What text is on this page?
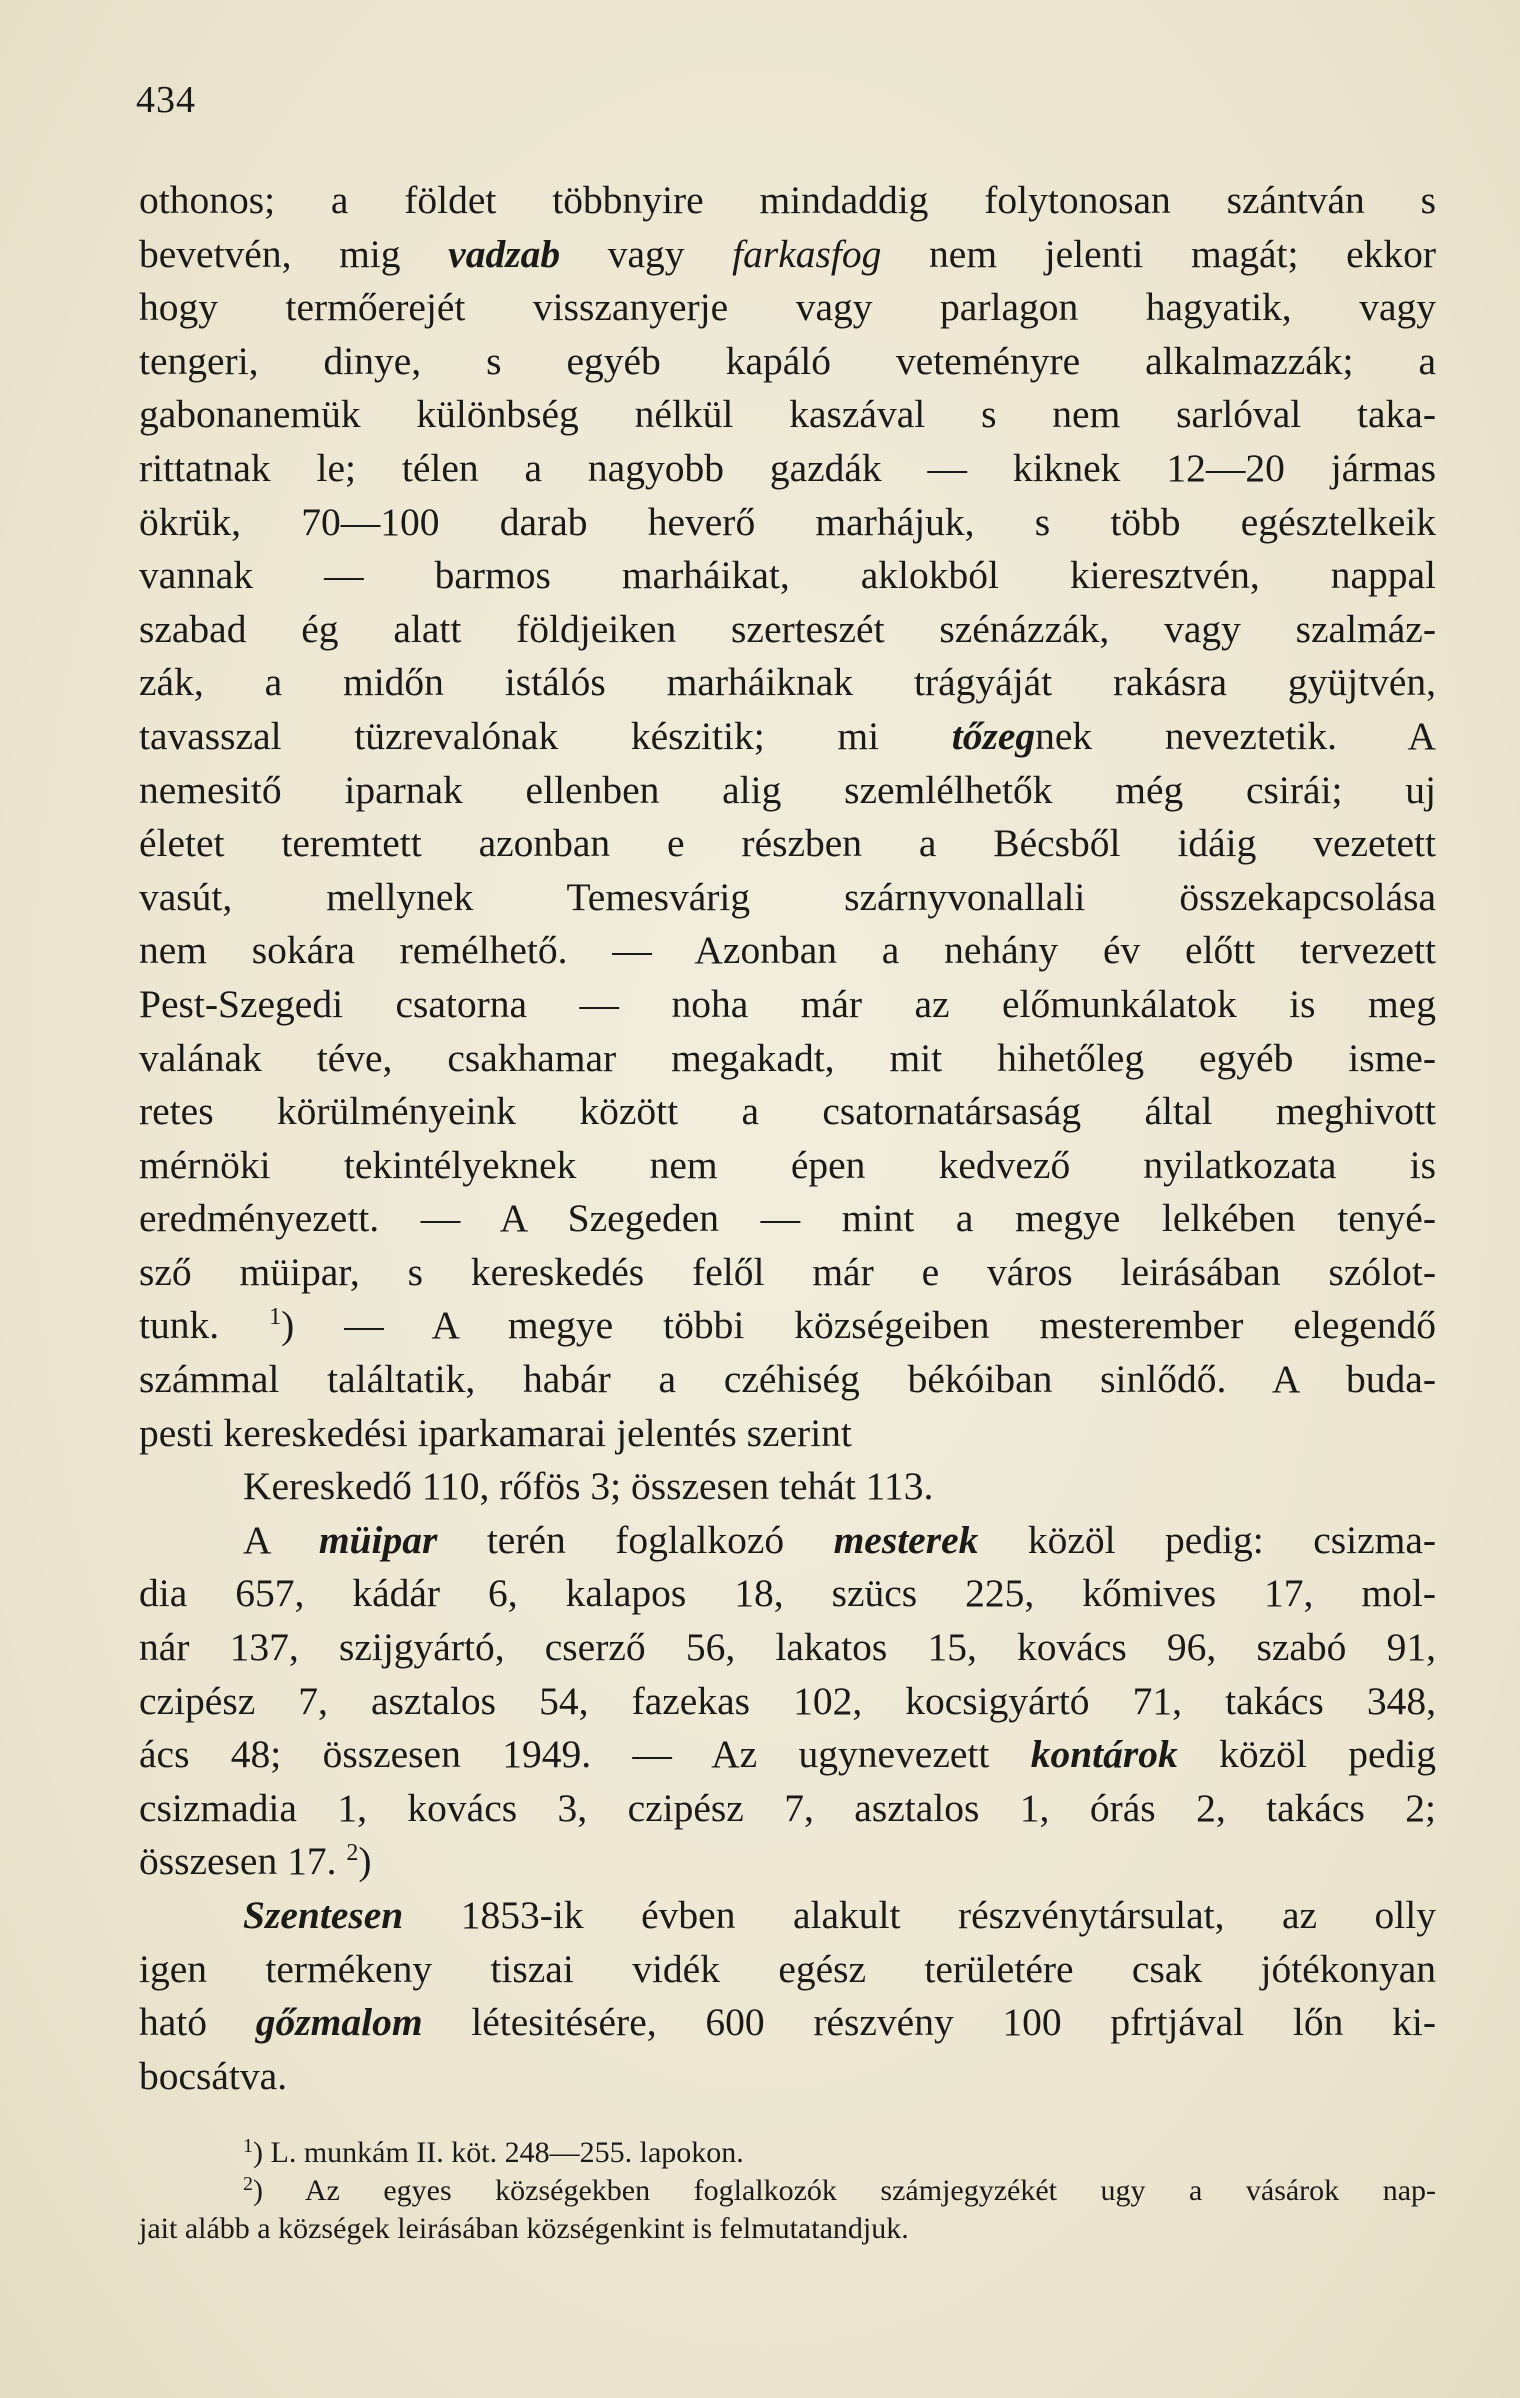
434
othonos; a földet többnyire mindaddig folytonosan szántván s
bevetvén, mig vadzab vagy farkasfog nem jelenti magát; ekkor
hogy termőerejét visszanyerje vagy parlagon hagyatik, vagy
tengeri, dinye, s egyéb kapáló veteményre alkalmazzák; a
gabonanemük különbség nélkül kaszával s nem sarlóval taka-
rittatnak le; télen a nagyobb gazdák — kiknek 12—20 jármas
ökrük, 70—100 darab heverő marhájuk, s több egésztelkeik
vannak — barmos marháikat, aklokból kieresztvén, nappal
szabad ég alatt földjeiken szerteszét szénázzák, vagy szalmáz-
zák, a midőn istálós marháiknak trágyáját rakásra gyüjtvén,
tavasszal tüzrevalónak készitik; mi tőzegnek neveztetik. A
nemesitő iparnak ellenben alig szemlélhetők még csirái; uj
életet teremtett azonban e részben a Bécsből idáig vezetett
vasút, mellynek Temesvárig szárnyvonallali összekapcsolása
nem sokára remélhető. — Azonban a nehány év előtt tervezett
Pest-Szegedi csatorna — noha már az előmunkálatok is meg
valának téve, csakhamar megakadt, mit hihetőleg egyéb isme-
retes körülményeink között a csatornatársaság által meghivott
mérnöki tekintélyeknek nem épen kedvező nyilatkozata is
eredményezett. — A Szegeden — mint a megye lelkében tenyé-
sző müipar, s kereskedés felől már e város leirásában szólot-
tunk. $^1$) — A megye többi községeiben mesterember elegendő
számmal találtatik, habár a czéhiség békóiban sinlődő. A buda-
pesti kereskedési iparkamarai jelentés szerint
Kereskedő 110, rőfös 3; összesen tehát 113.
A müipar terén foglalkozó mesterek közöl pedig: csizma-
dia 657, kádár 6, kalapos 18, szücs 225, kőmives 17, mol-
nár 137, szijgyártó, cserző 56, lakatos 15, kovács 96, szabó 91,
czipész 7, asztalos 54, fazekas 102, kocsigyártó 71, takács 348,
ács 48; összesen 1949. — Az ugynevezett kontárok közöl pedig
csizmadia 1, kovács 3, czipész 7, asztalos 1, órás 2, takács 2;
összesen 17. $^2$)
Szentesen 1853-ik évben alakult részvénytársulat, az olly
igen termékeny tiszai vidék egész területére csak jótékonyan
ható gőzmalom létesitésére, 600 részvény 100 pfrtjával lőn ki-
bocsátva.
$^1$) L. munkám II. köt. 248—255. lapokon.
$^2$) Az egyes községekben foglalkozók számjegyzékét ugy a vásárok nap-
jait alább a községek leirásában községenkint is felmutatandjuk.
